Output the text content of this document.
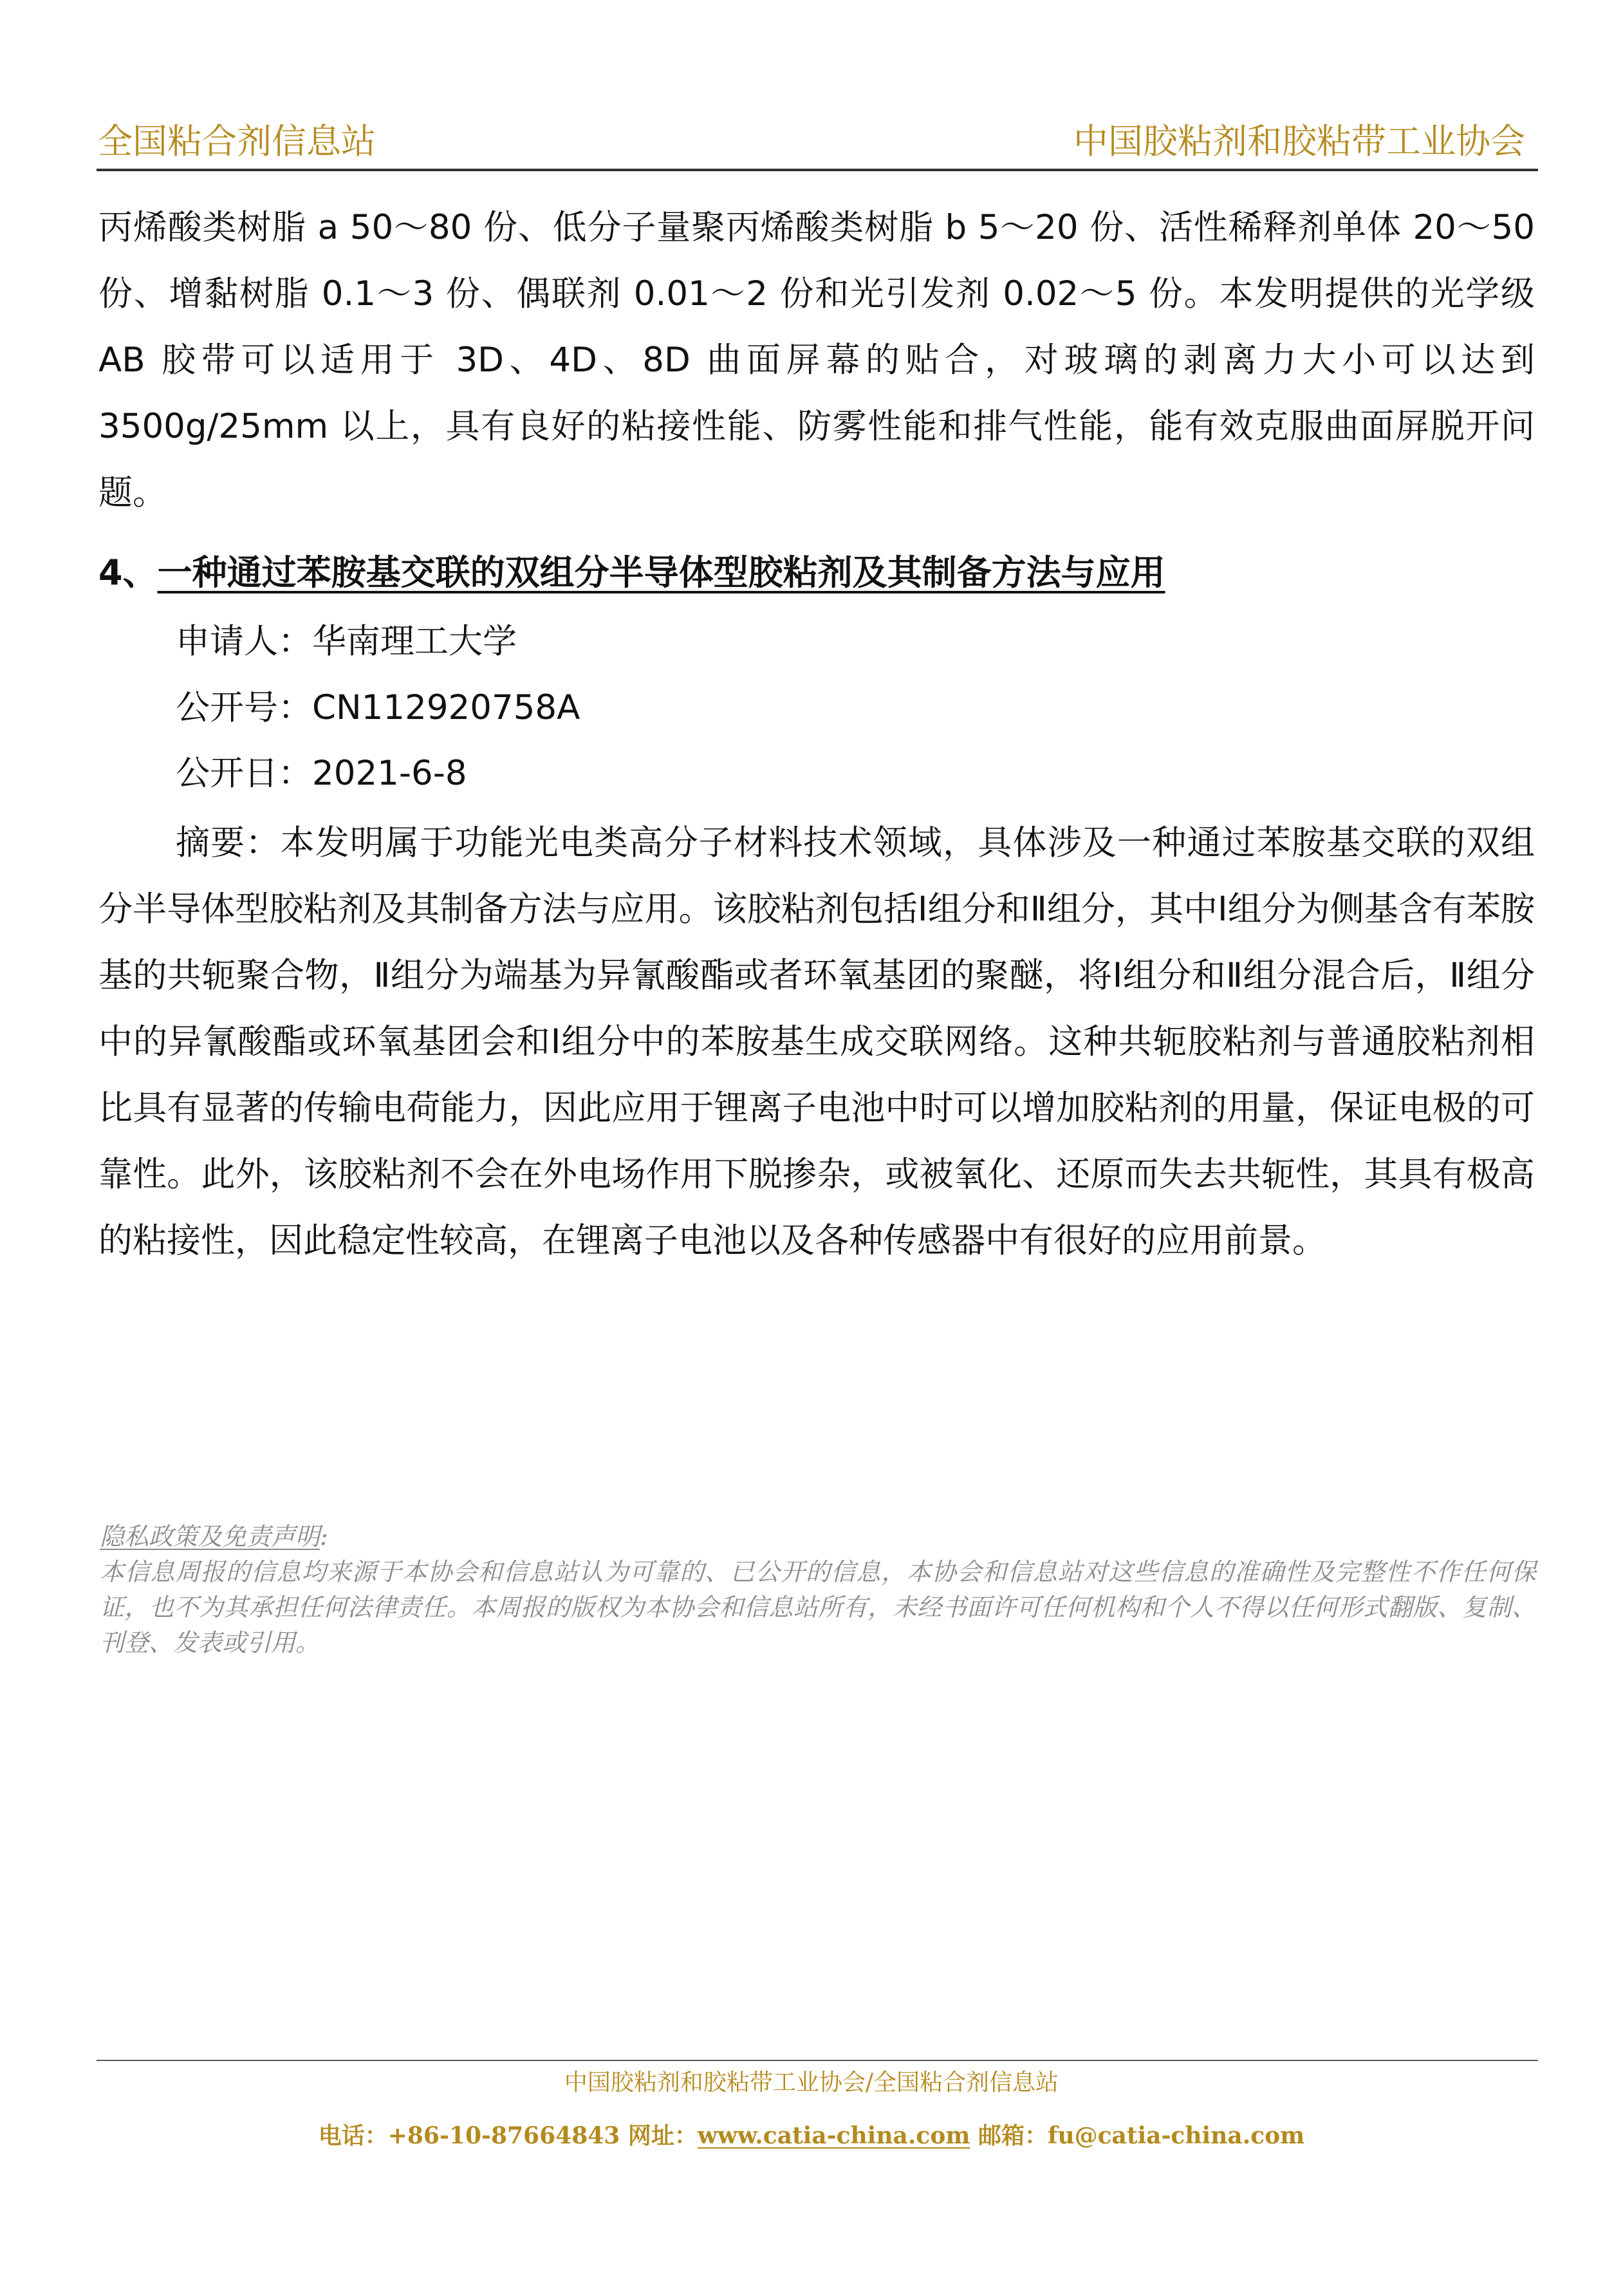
全国粘合剂信息站	中国胶粘剂和胶粘带工业协会

丙烯酸类树脂 a 50～80 份、低分子量聚丙烯酸类树脂 b 5～20 份、活性稀释剂单体 20～50 份、增黏树脂 0.1～3 份、偶联剂 0.01～2 份和光引发剂 0.02～5 份。本发明提供的光学级 AB 胶带可以适用于 3D、4D、8D 曲面屏幕的贴合，对玻璃的剥离力大小可以达到 3500g/25mm 以上，具有良好的粘接性能、防雾性能和排气性能，能有效克服曲面屏脱开问题。

4、一种通过苯胺基交联的双组分半导体型胶粘剂及其制备方法与应用
申请人：华南理工大学
公开号：CN112920758A
公开日：2021-6-8

摘要：本发明属于功能光电类高分子材料技术领域，具体涉及一种通过苯胺基交联的双组分半导体型胶粘剂及其制备方法与应用。该胶粘剂包括Ⅰ组分和Ⅱ组分，其中Ⅰ组分为侧基含有苯胺基的共轭聚合物，Ⅱ组分为端基为异氰酸酯或者环氧基团的聚醚，将Ⅰ组分和Ⅱ组分混合后，Ⅱ组分中的异氰酸酯或环氧基团会和Ⅰ组分中的苯胺基生成交联网络。这种共轭胶粘剂与普通胶粘剂相比具有显著的传输电荷能力，因此应用于锂离子电池中时可以增加胶粘剂的用量，保证电极的可靠性。此外，该胶粘剂不会在外电场作用下脱掺杂，或被氧化、还原而失去共轭性，其具有极高的粘接性，因此稳定性较高，在锂离子电池以及各种传感器中有很好的应用前景。

隐私政策及免责声明:

本信息周报的信息均来源于本协会和信息站认为可靠的、已公开的信息，本协会和信息站对这些信息的准确性及完整性不作任何保证，也不为其承担任何法律责任。本周报的版权为本协会和信息站所有，未经书面许可任何机构和个人不得以任何形式翻版、复制、刊登、发表或引用。

中国胶粘剂和胶粘带工业协会/全国粘合剂信息站
电话：+86-10-87664843 网址：www.catia-china.com 邮箱：fu@catia-china.com
